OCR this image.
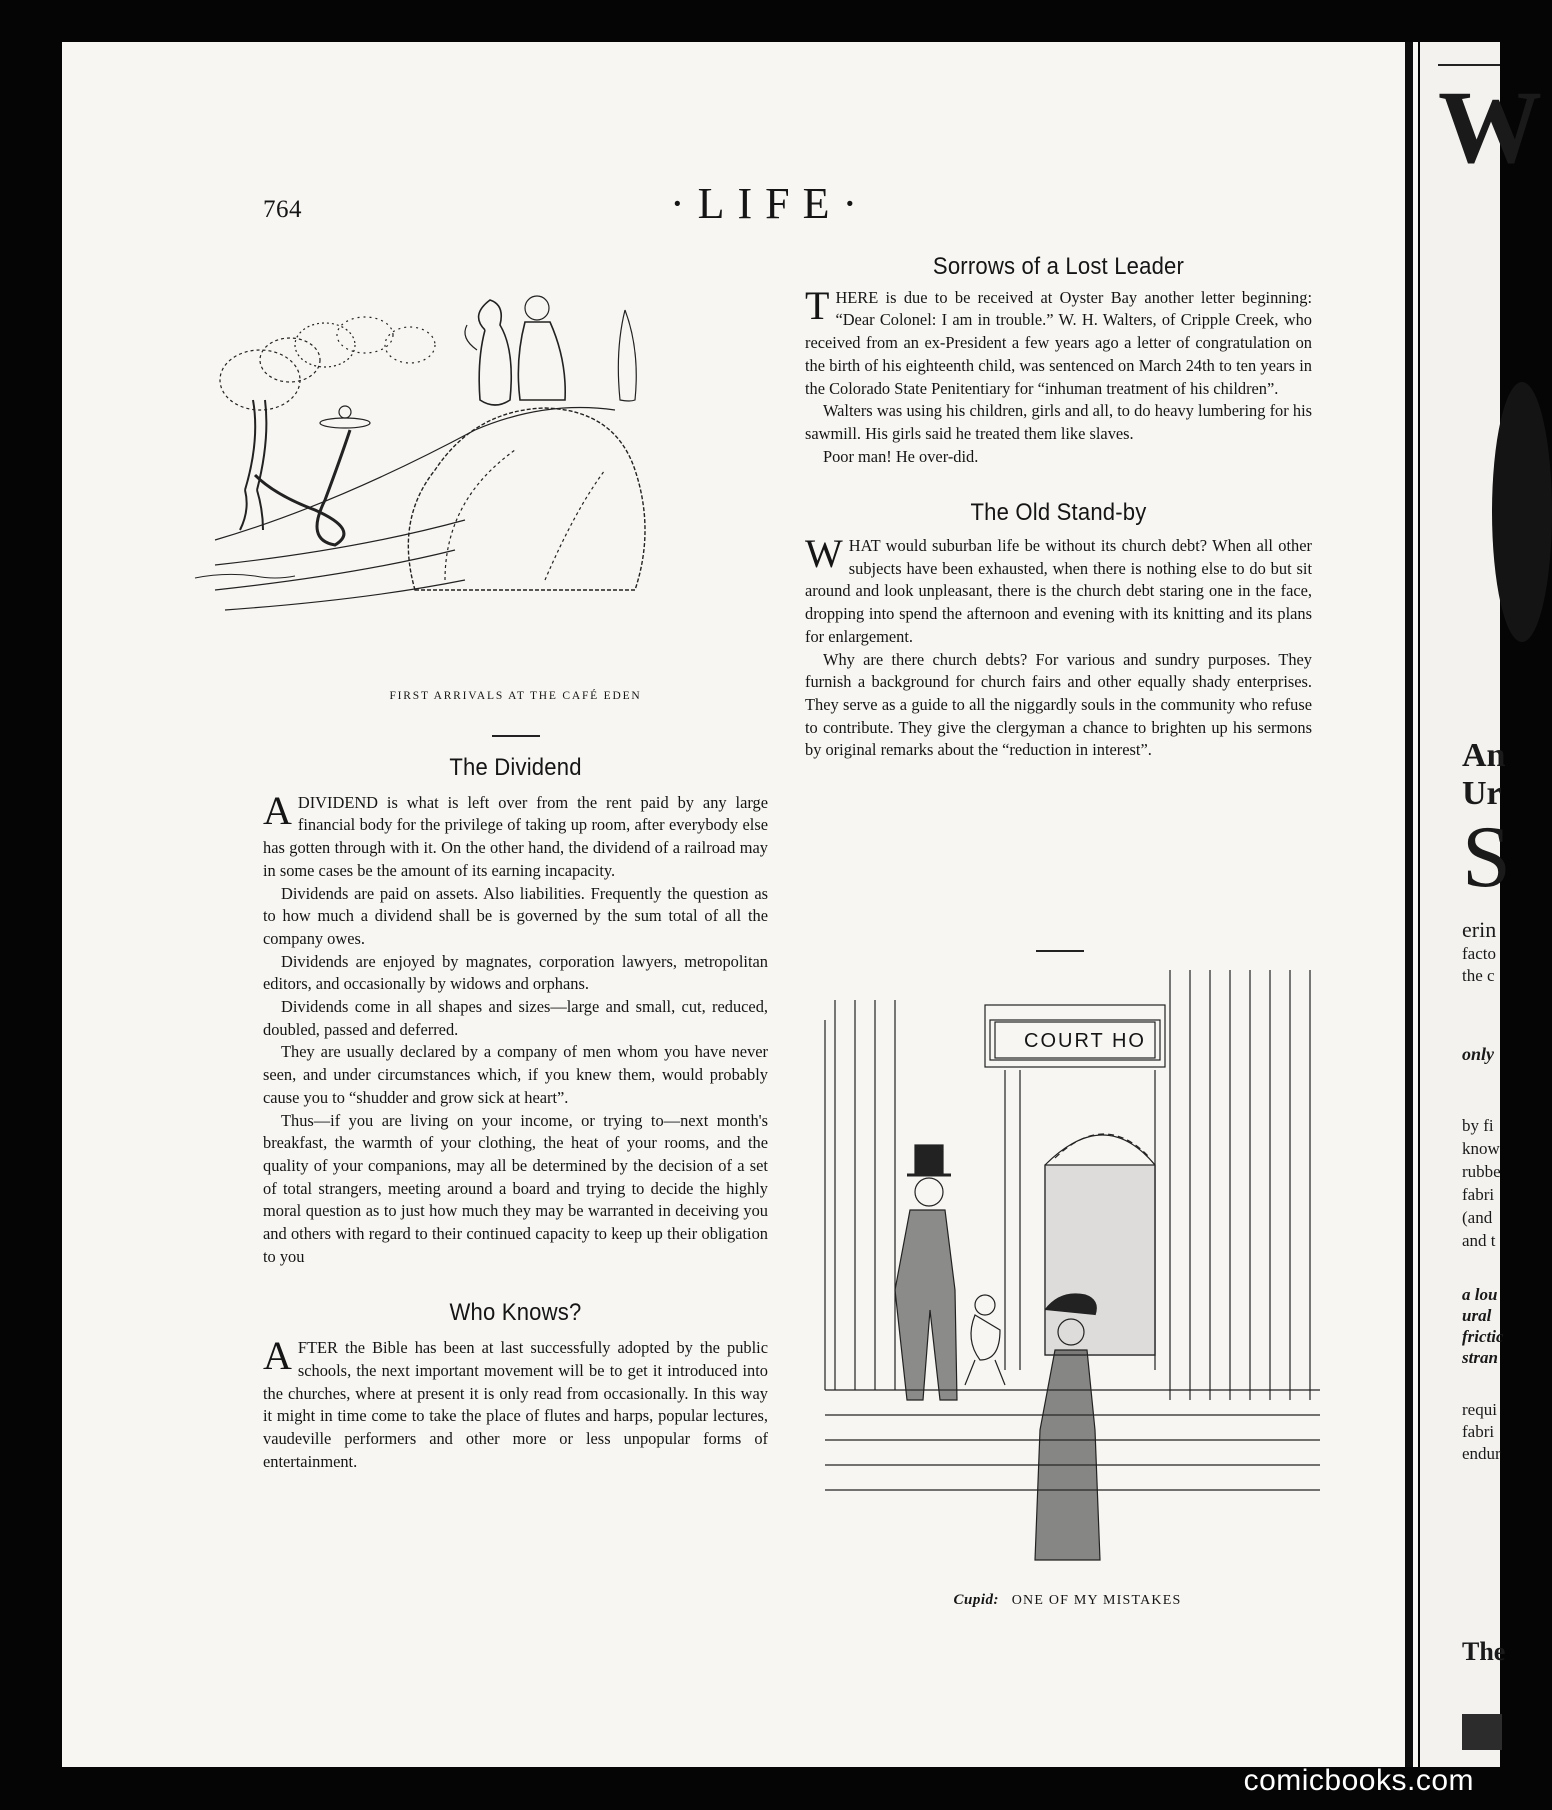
W
An
Ur
S
erin
facto
the c
only
by fi
know
rubbe
fabri
(and
and t
a lou
ural
frictic
stran
requi
fabri
endur
The
764	·LIFE·
FIRST ARRIVALS AT THE CAFÉ EDEN
The Dividend
A DIVIDEND is what is left over from the rent paid by any large financial body for the privilege of taking up room, after everybody else has gotten through with it. On the other hand, the dividend of a railroad may in some cases be the amount of its earning incapacity.

Dividends are paid on assets. Also liabilities. Frequently the question as to how much a dividend shall be is governed by the sum total of all the company owes.

Dividends are enjoyed by magnates, corporation lawyers, metropolitan editors, and occasionally by widows and orphans.

Dividends come in all shapes and sizes—large and small, cut, reduced, doubled, passed and deferred.

They are usually declared by a company of men whom you have never seen, and under circumstances which, if you knew them, would probably cause you to “shudder and grow sick at heart”.

Thus—if you are living on your income, or trying to—next month's breakfast, the warmth of your clothing, the heat of your rooms, and the quality of your companions, may all be determined by the decision of a set of total strangers, meeting around a board and trying to decide the highly moral question as to just how much they may be warranted in deceiving you and others with regard to their continued capacity to keep up their obligation to you

Who Knows?
A FTER the Bible has been at last successfully adopted by the public schools, the next important movement will be to get it introduced into the churches, where at present it is only read from occasionally. In this way it might in time come to take the place of flutes and harps, popular lectures, vaudeville performers and other more or less unpopular forms of entertainment.

Sorrows of a Lost Leader
T HERE is due to be received at Oyster Bay another letter beginning: “Dear Colonel: I am in trouble.” W. H. Walters, of Cripple Creek, who received from an ex-President a few years ago a letter of congratulation on the birth of his eighteenth child, was sentenced on March 24th to ten years in the Colorado State Penitentiary for “inhuman treatment of his children”.

Walters was using his children, girls and all, to do heavy lumbering for his sawmill. His girls said he treated them like slaves.

Poor man! He over-did.

The Old Stand-by
W HAT would suburban life be without its church debt? When all other subjects have been exhausted, when there is nothing else to do but sit around and look unpleasant, there is the church debt staring one in the face, dropping into spend the afternoon and evening with its knitting and its plans for enlargement.

Why are there church debts? For various and sundry purposes. They furnish a background for church fairs and other equally shady enterprises. They serve as a guide to all the niggardly souls in the community who refuse to contribute. They give the clergyman a chance to brighten up his sermons by original remarks about the “reduction in interest”.

COURT HO
Cupid: ONE OF MY MISTAKES
comicbooks.com
